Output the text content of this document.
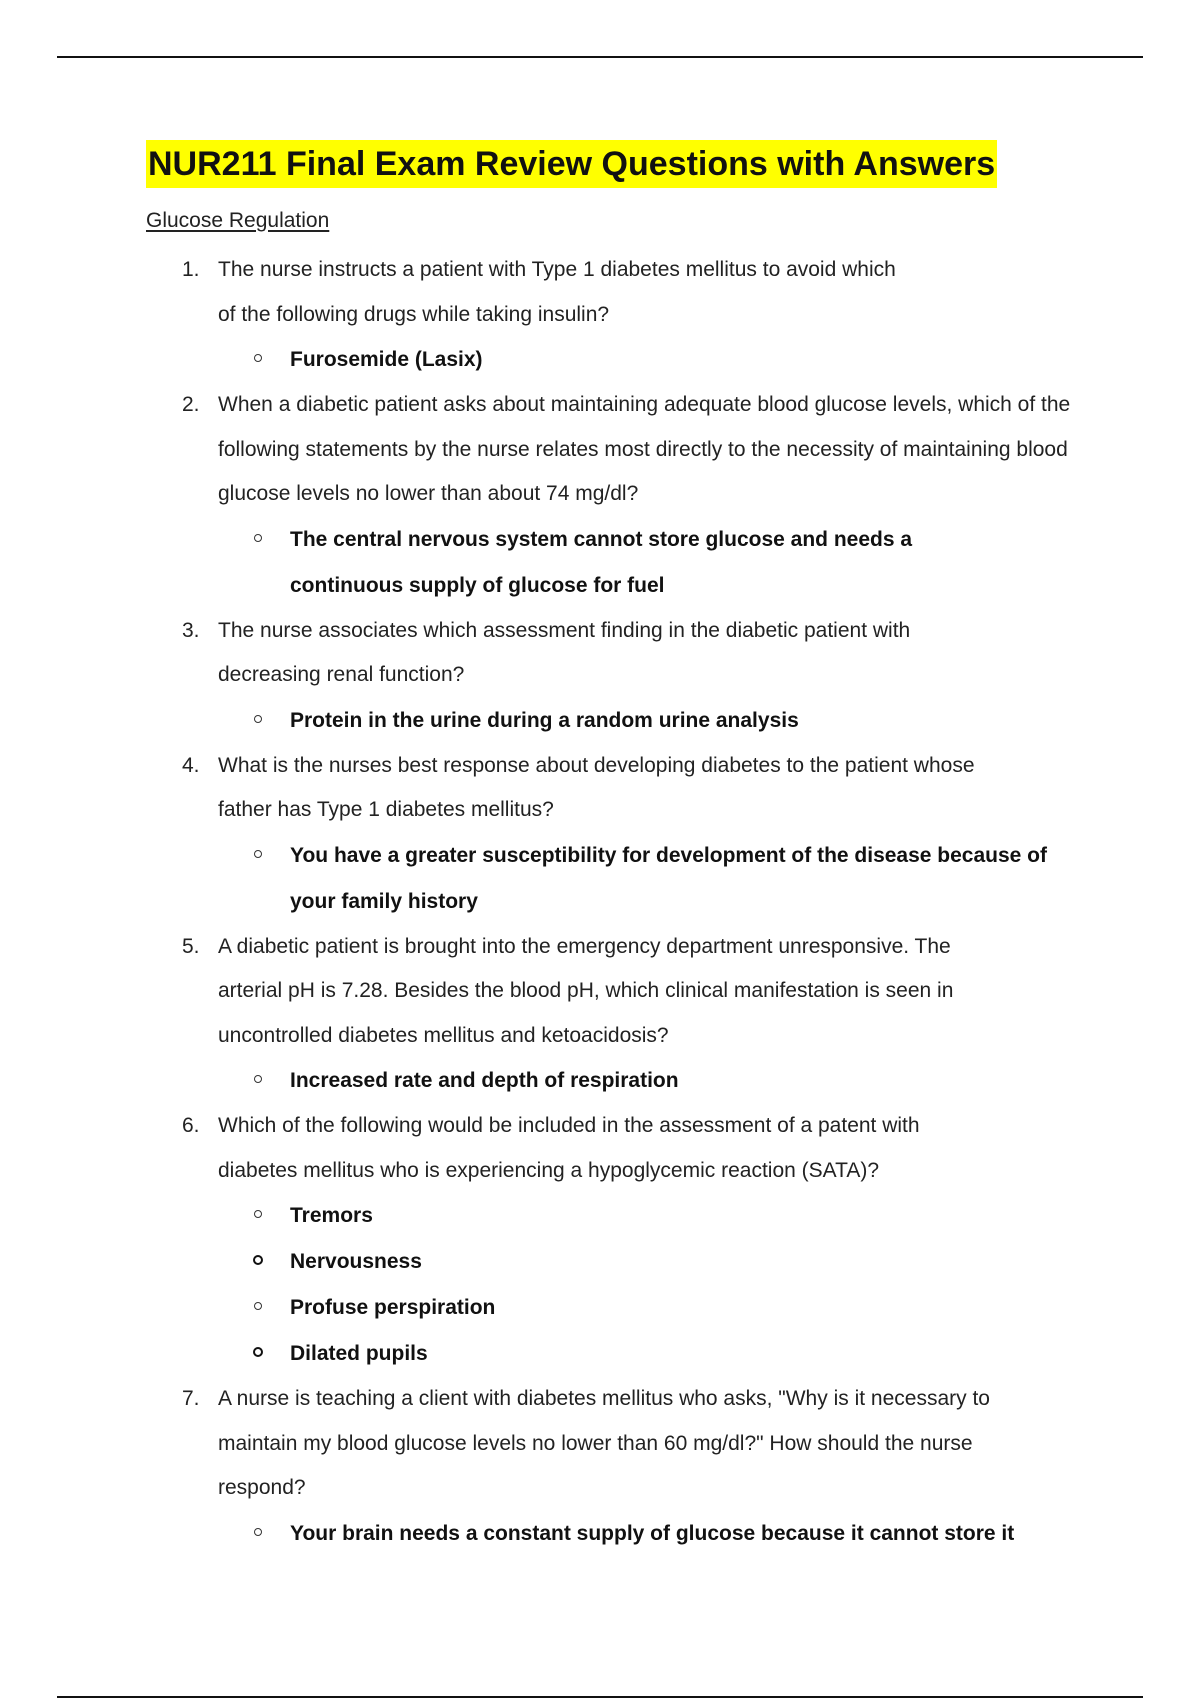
NUR211 Final Exam Review Questions with Answers
Glucose Regulation
1. The nurse instructs a patient with Type 1 diabetes mellitus to avoid which of the following drugs while taking insulin?
Furosemide (Lasix)
2. When a diabetic patient asks about maintaining adequate blood glucose levels, which of the following statements by the nurse relates most directly to the necessity of maintaining blood glucose levels no lower than about 74 mg/dl?
The central nervous system cannot store glucose and needs a continuous supply of glucose for fuel
3. The nurse associates which assessment finding in the diabetic patient with decreasing renal function?
Protein in the urine during a random urine analysis
4. What is the nurses best response about developing diabetes to the patient whose father has Type 1 diabetes mellitus?
You have a greater susceptibility for development of the disease because of your family history
5. A diabetic patient is brought into the emergency department unresponsive. The arterial pH is 7.28. Besides the blood pH, which clinical manifestation is seen in uncontrolled diabetes mellitus and ketoacidosis?
Increased rate and depth of respiration
6. Which of the following would be included in the assessment of a patent with diabetes mellitus who is experiencing a hypoglycemic reaction (SATA)?
Tremors
Nervousness
Profuse perspiration
Dilated pupils
7. A nurse is teaching a client with diabetes mellitus who asks, "Why is it necessary to maintain my blood glucose levels no lower than 60 mg/dl?" How should the nurse respond?
Your brain needs a constant supply of glucose because it cannot store it
